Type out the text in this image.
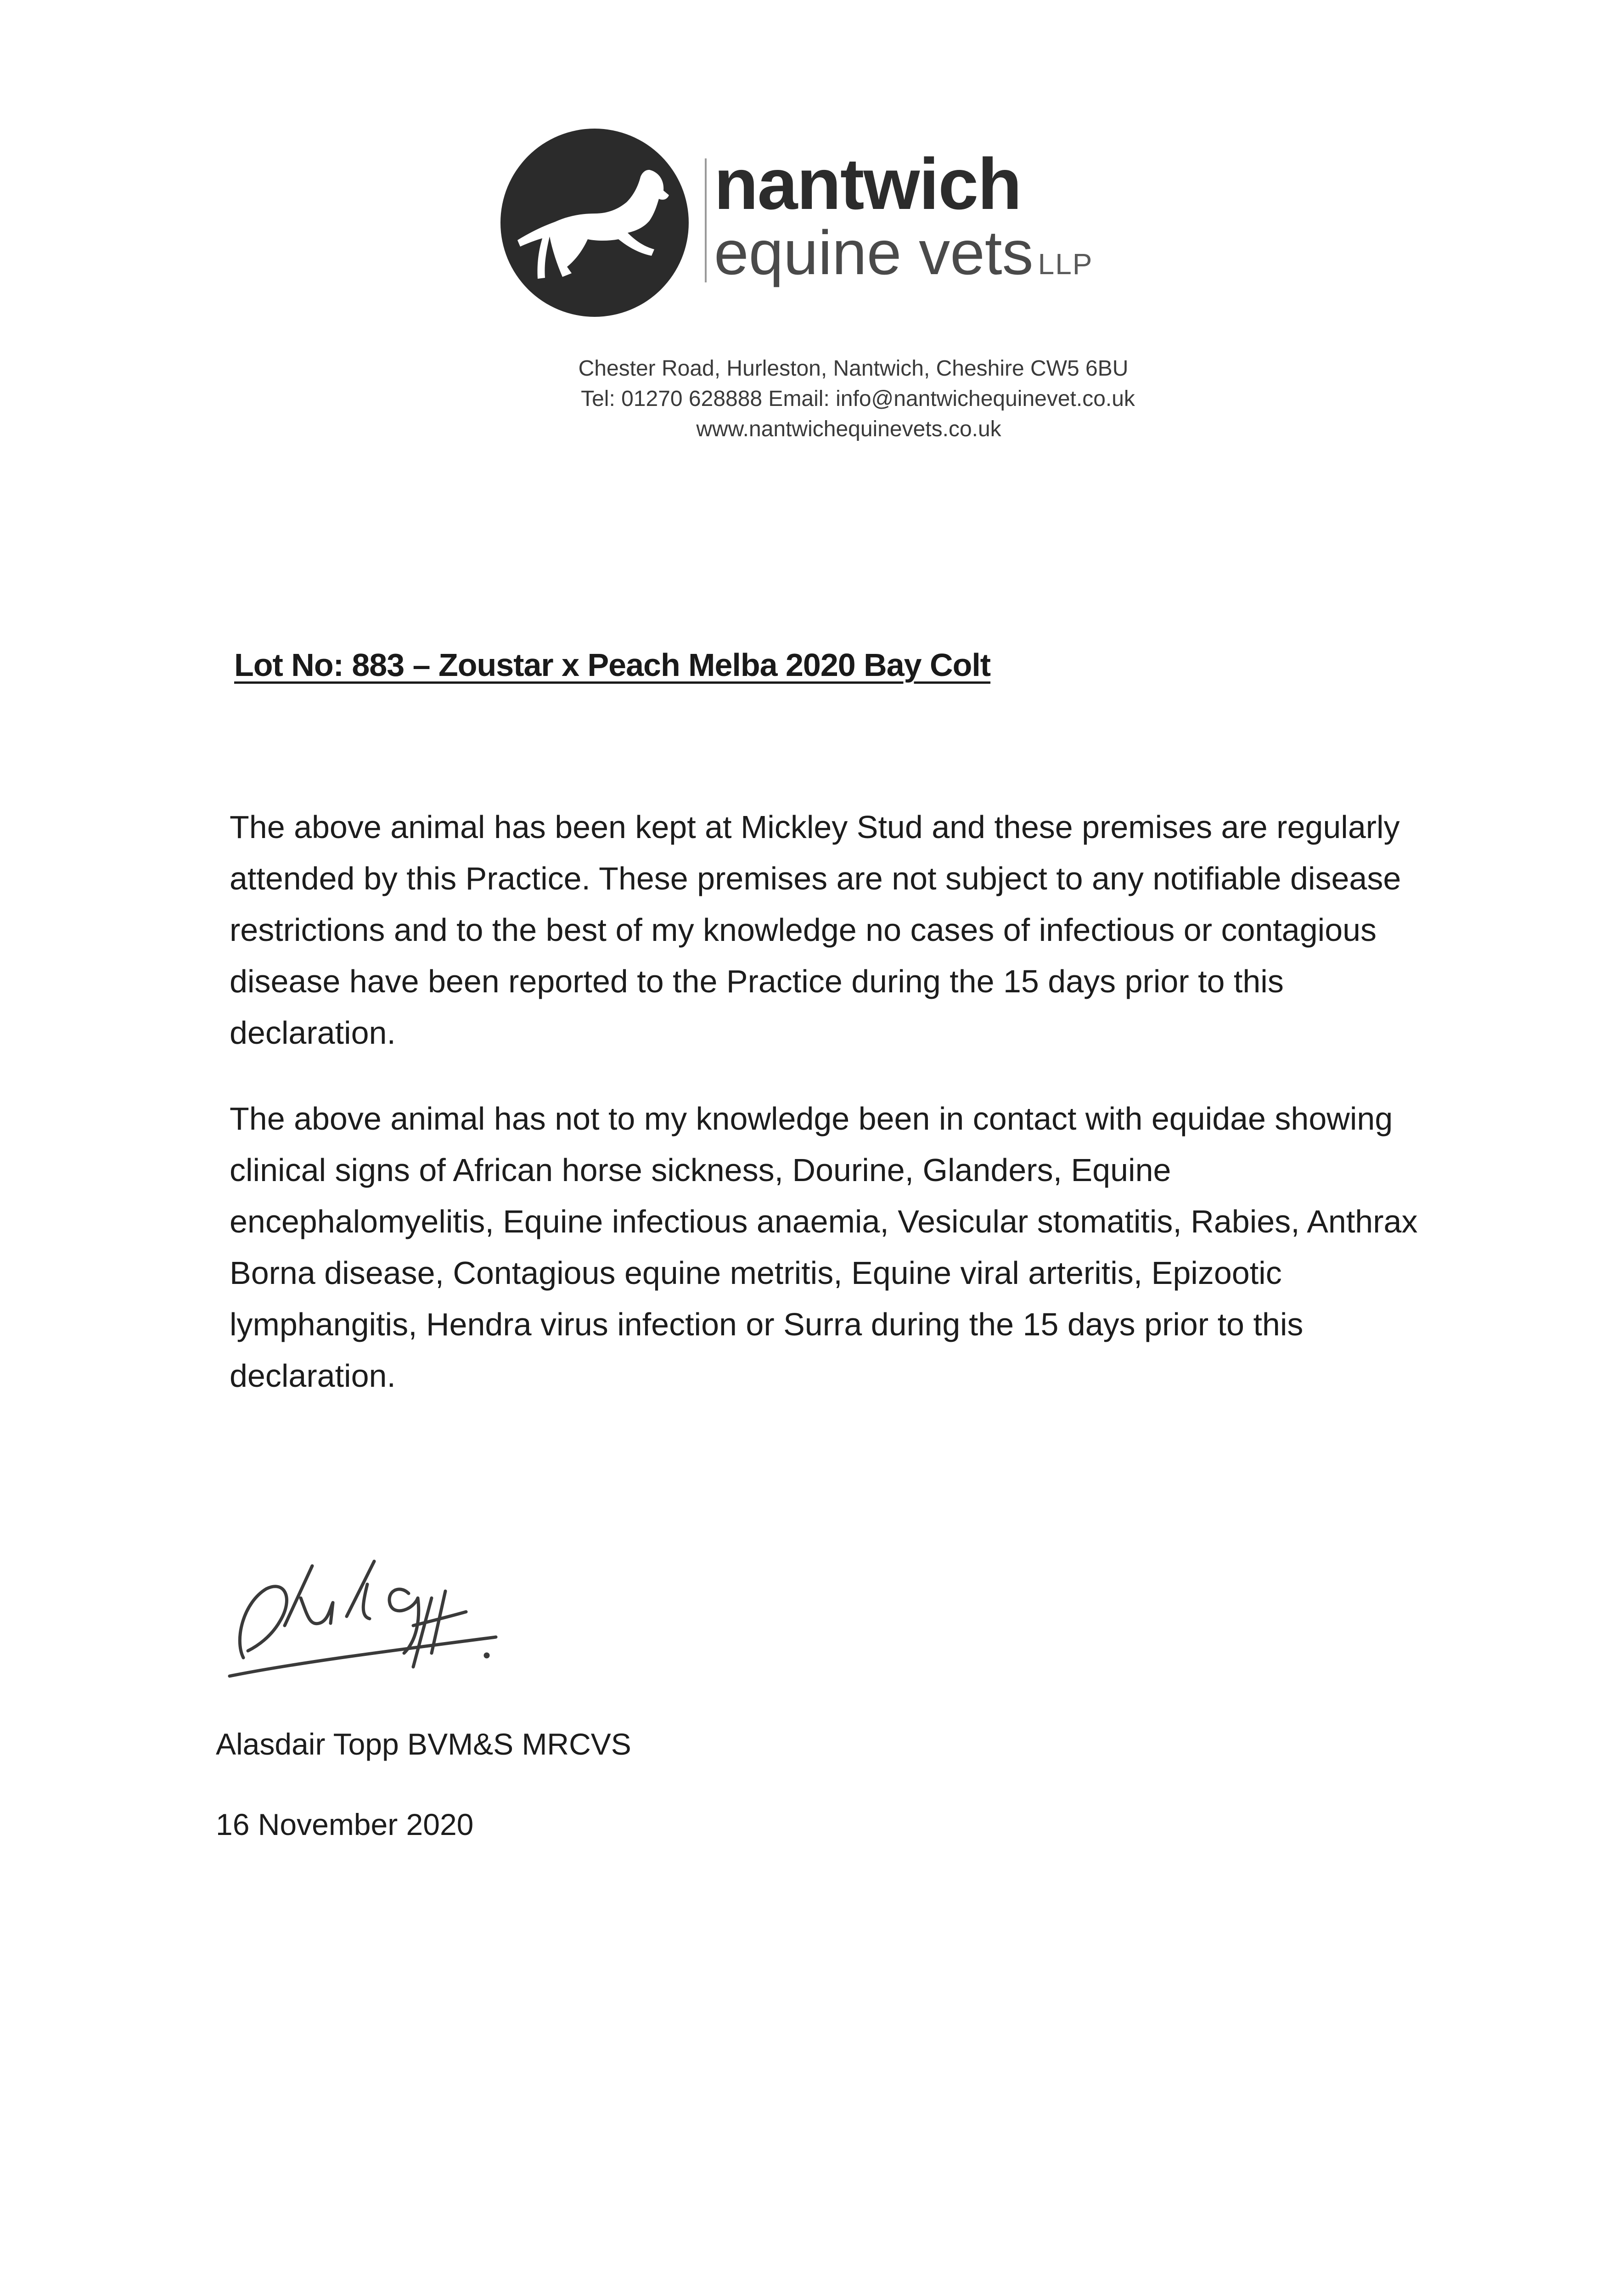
nantwich
equine vets LLP
Chester Road, Hurleston, Nantwich, Cheshire CW5 6BU
Tel: 01270 628888 Email: info@nantwichequinevet.co.uk
www.nantwichequinevets.co.uk
Lot No: 883 – Zoustar x Peach Melba 2020 Bay Colt
The above animal has been kept at Mickley Stud and these premises are regularly attended by this Practice. These premises are not subject to any notifiable disease restrictions and to the best of my knowledge no cases of infectious or contagious disease have been reported to the Practice during the 15 days prior to this declaration.
The above animal has not to my knowledge been in contact with equidae showing clinical signs of African horse sickness, Dourine, Glanders, Equine encephalomyelitis, Equine infectious anaemia, Vesicular stomatitis, Rabies, Anthrax Borna disease, Contagious equine metritis, Equine viral arteritis, Epizootic lymphangitis, Hendra virus infection or Surra during the 15 days prior to this declaration.
Alasdair Topp BVM&S MRCVS
16 November 2020
